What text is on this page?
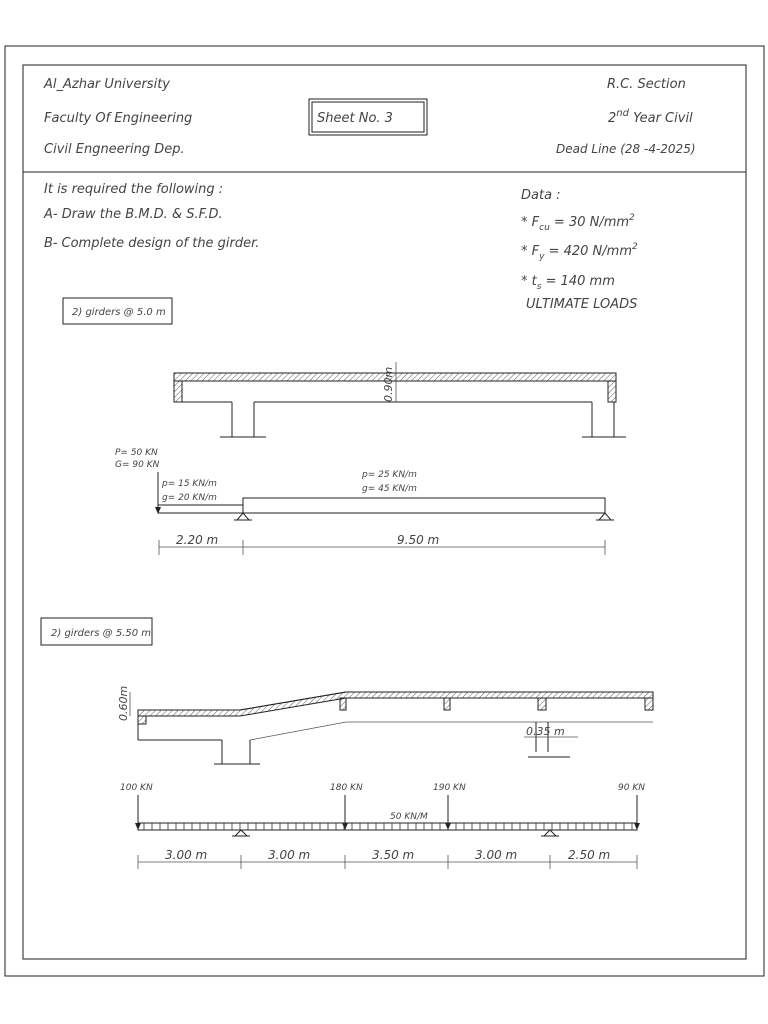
Al_Azhar University
Faculty Of Engineering
Civil Engneering Dep.
Sheet No. 3
R.C. Section
2nd Year Civil
Dead Line (28 -4-2025)
It is required the following :
A- Draw the B.M.D. & S.F.D.
B- Complete design of the girder.
Data :
* $F_{cu} = 30$ $N/mm^2$
* $F_y = 420$ $N/mm^2$
* $t_s = 140$ mm
ULTIMATE LOADS
2) girders @ 5.0 m
0.90m
P= 50 KN
G= 90 KN
p= 15 KN/m
g= 20 KN/m
p= 25 KN/m
g= 45 KN/m
2.20 m	9.50 m
2) girders @ 5.50 m
0.60m
0.35 m
100 KN	180 KN	190 KN	90 KN
50 KN/M
3.00 m	3.00 m	3.50 m	3.00 m	2.50 m
